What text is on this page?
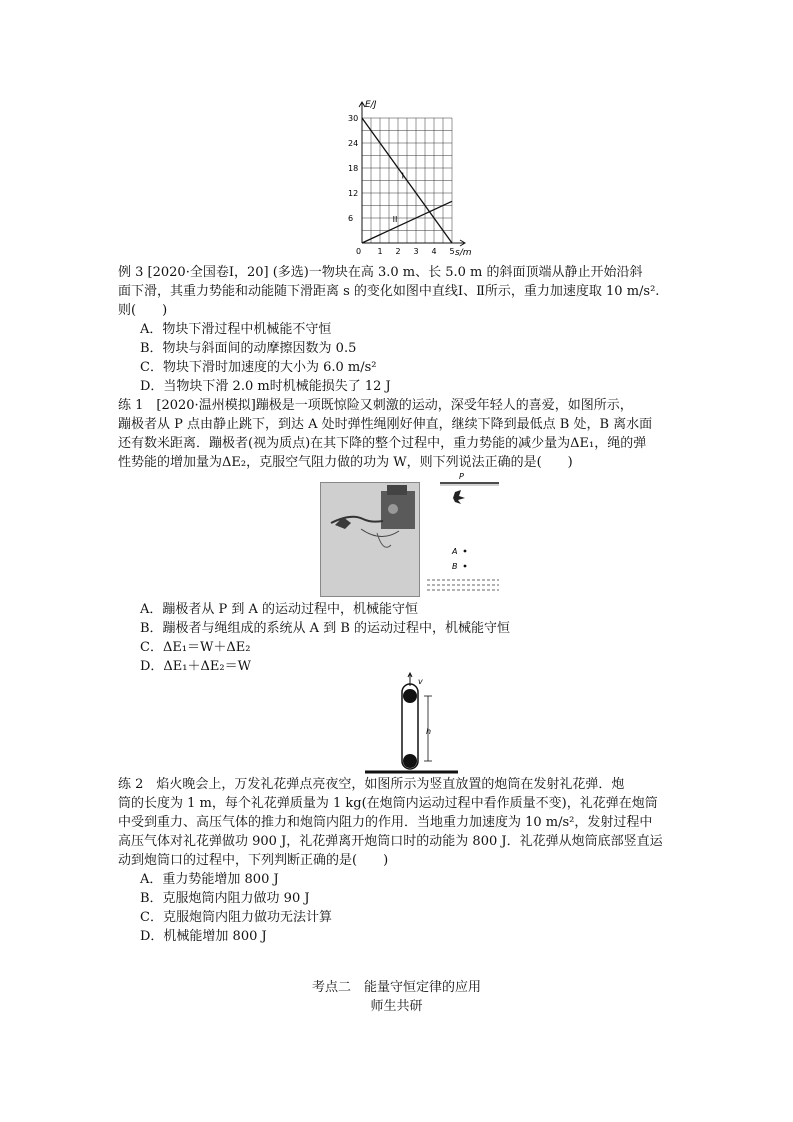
0 1 2 3 4 5
6
12
18
24
30
E/J
s/m
I
II
例 3 [2020·全国卷Ⅰ，20] (多选)一物块在高 3.0 m、长 5.0 m 的斜面顶端从静止开始沿斜
面下滑，其重力势能和动能随下滑距离 s 的变化如图中直线Ⅰ、Ⅱ所示，重力加速度取 10 m/s².
则(　　)
A．物块下滑过程中机械能不守恒
B．物块与斜面间的动摩擦因数为 0.5
C．物块下滑时加速度的大小为 6.0 m/s²
D．当物块下滑 2.0 m时机械能损失了 12 J
练 1　[2020·温州模拟]蹦极是一项既惊险又刺激的运动，深受年轻人的喜爱，如图所示，
蹦极者从 P 点由静止跳下，到达 A 处时弹性绳刚好伸直，继续下降到最低点 B 处，B 离水面
还有数米距离．蹦极者(视为质点)在其下降的整个过程中，重力势能的减少量为ΔE₁，绳的弹
性势能的增加量为ΔE₂，克服空气阻力做的功为 W，则下列说法正确的是(　　)
P
A
B
A．蹦极者从 P 到 A 的运动过程中，机械能守恒
B．蹦极者与绳组成的系统从 A 到 B 的运动过程中，机械能守恒
C．ΔE₁＝W＋ΔE₂
D．ΔE₁＋ΔE₂＝W
v
h
练 2　焰火晚会上，万发礼花弹点亮夜空，如图所示为竖直放置的炮筒在发射礼花弹．炮
筒的长度为 1 m，每个礼花弹质量为 1 kg(在炮筒内运动过程中看作质量不变)，礼花弹在炮筒
中受到重力、高压气体的推力和炮筒内阻力的作用．当地重力加速度为 10 m/s²，发射过程中
高压气体对礼花弹做功 900 J，礼花弹离开炮筒口时的动能为 800 J．礼花弹从炮筒底部竖直运
动到炮筒口的过程中，下列判断正确的是(　　)
A．重力势能增加 800 J
B．克服炮筒内阻力做功 90 J
C．克服炮筒内阻力做功无法计算
D．机械能增加 800 J
考点二　能量守恒定律的应用
师生共研
